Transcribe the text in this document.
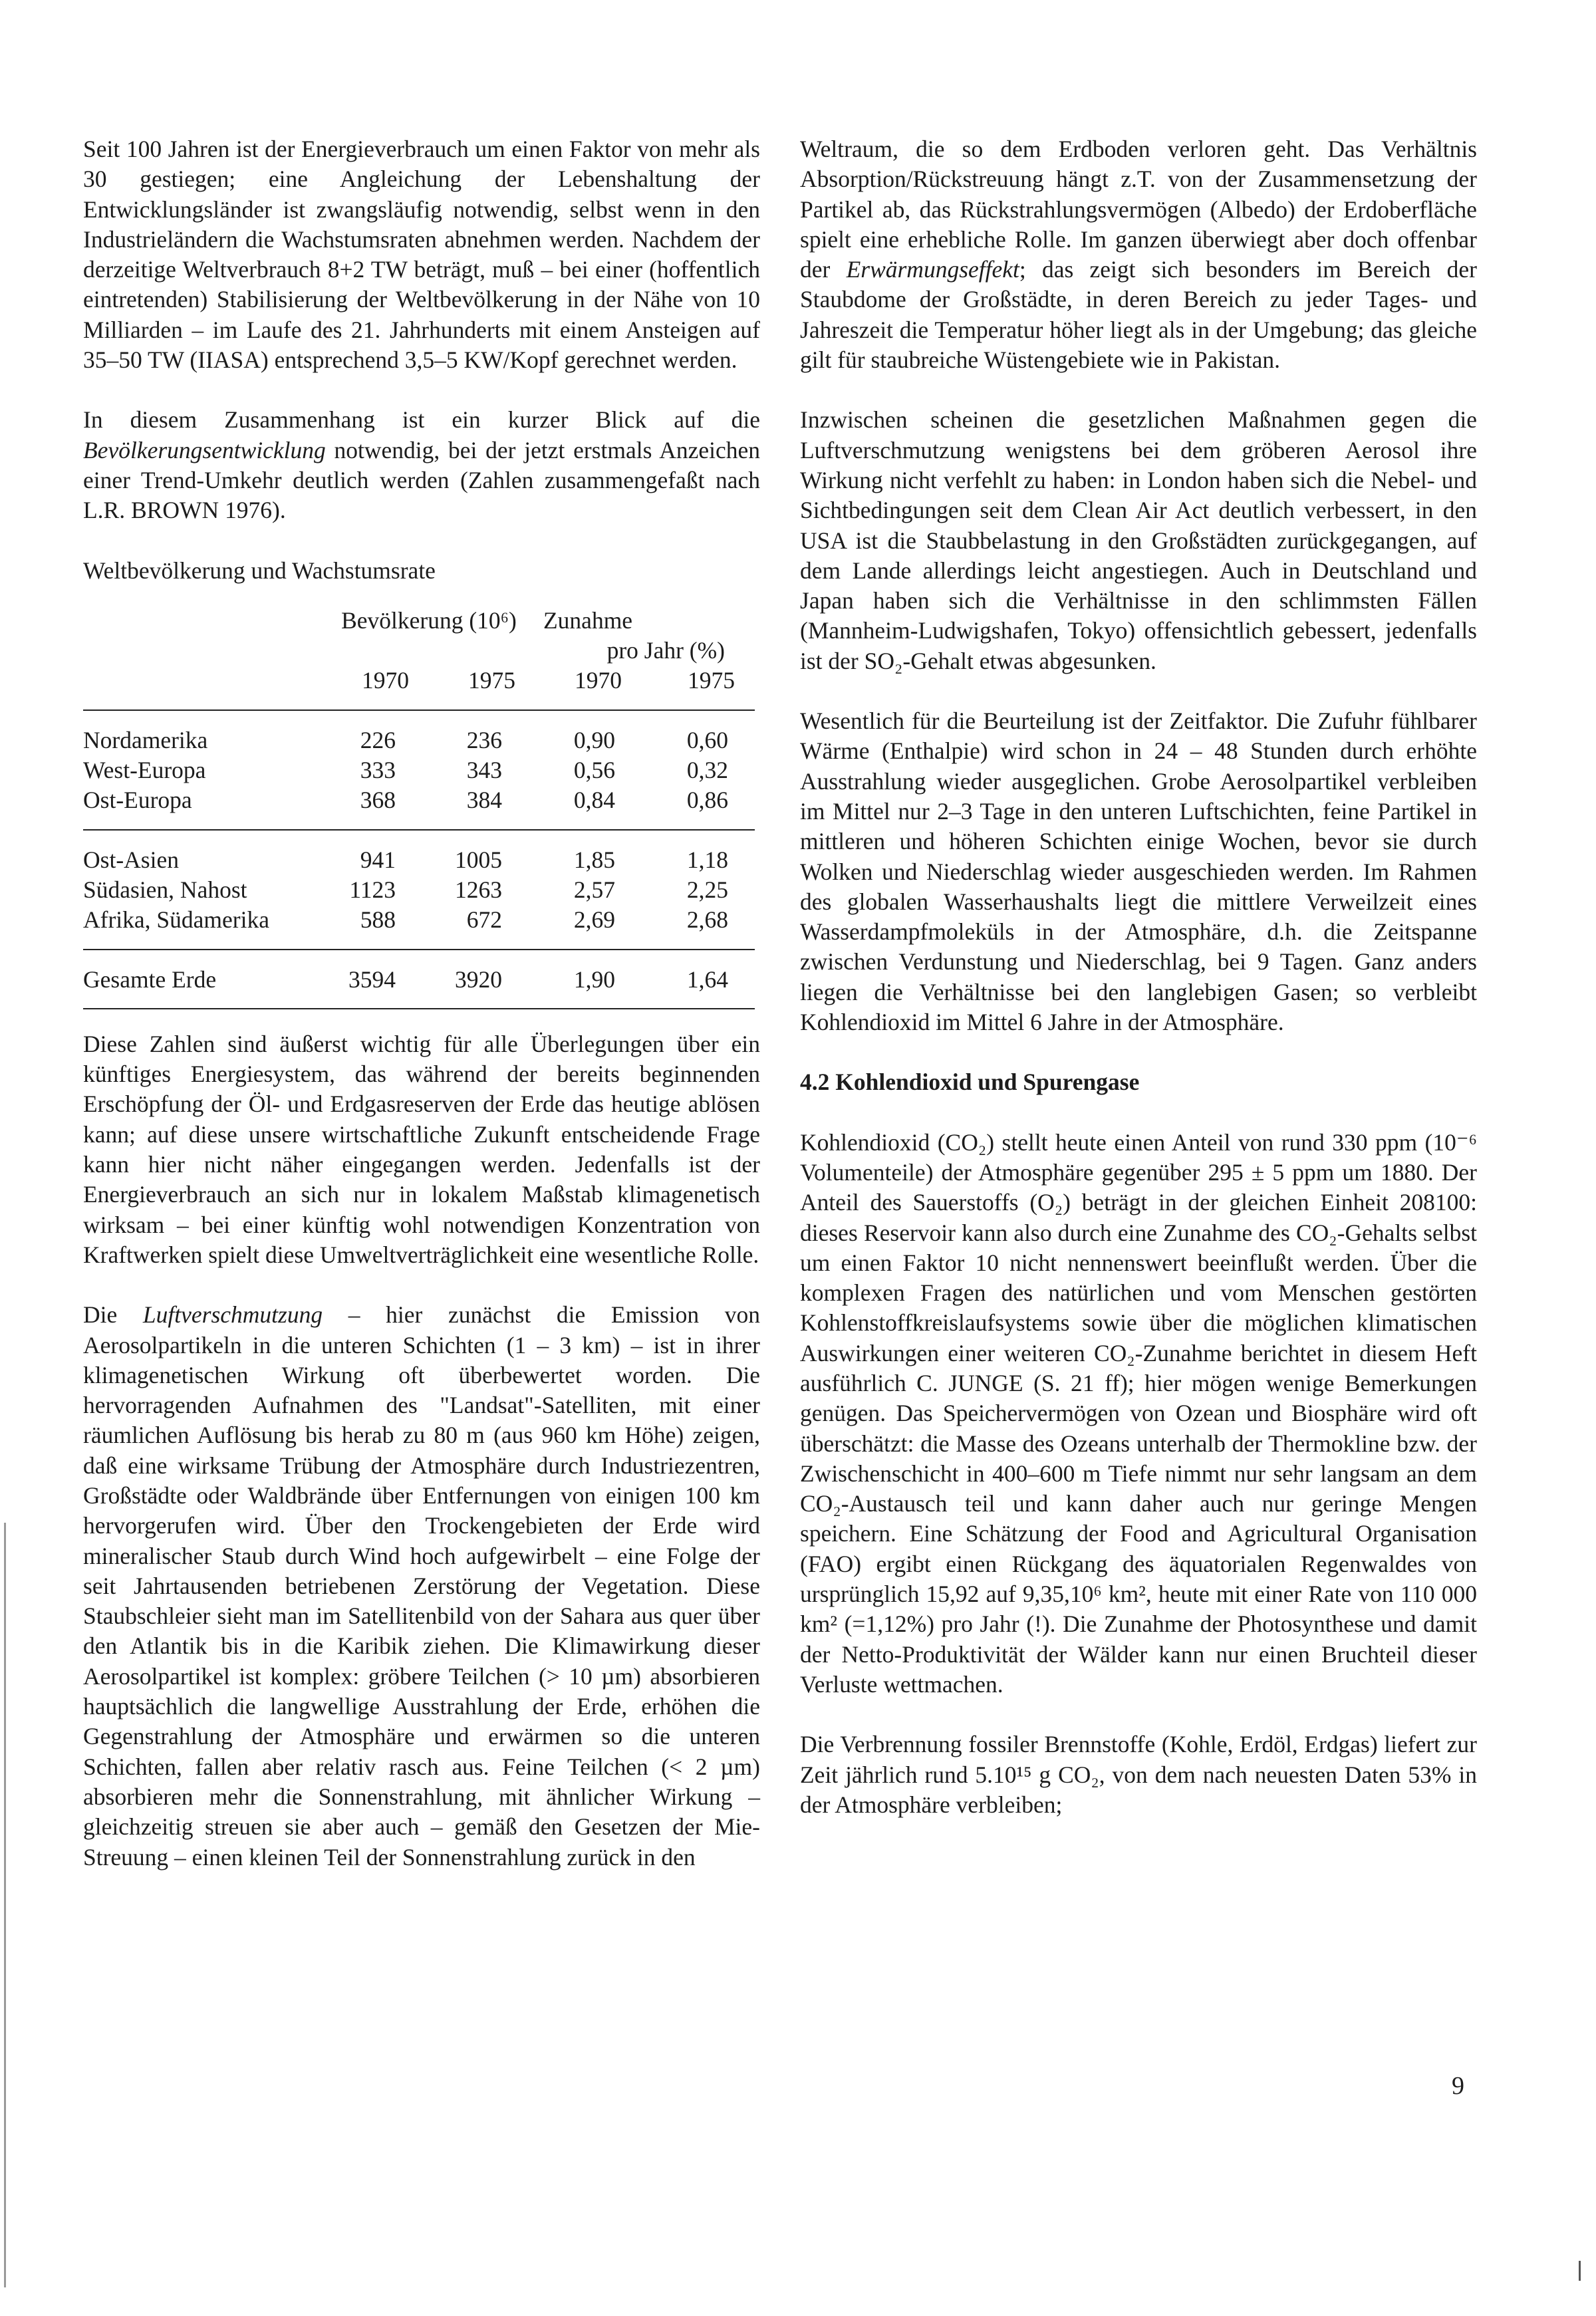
Seit 100 Jahren ist der Energieverbrauch um einen Faktor von mehr als 30 gestiegen; eine Angleichung der Lebenshaltung der Entwicklungsländer ist zwangsläufig notwendig, selbst wenn in den Industrieländern die Wachstumsraten abnehmen werden. Nachdem der derzeitige Weltverbrauch 8+2 TW beträgt, muß – bei einer (hoffentlich eintretenden) Stabilisierung der Weltbevölkerung in der Nähe von 10 Milliarden – im Laufe des 21. Jahrhunderts mit einem Ansteigen auf 35–50 TW (IIASA) entsprechend 3,5–5 KW/Kopf gerechnet werden.

In diesem Zusammenhang ist ein kurzer Blick auf die Bevölkerungsentwicklung notwendig, bei der jetzt erstmals Anzeichen einer Trend-Umkehr deutlich werden (Zahlen zusammengefaßt nach L.R. BROWN 1976).

Weltbevölkerung und Wachstumsrate

	Bevölkerung (10⁶)		Zunahme	
			pro Jahr (%)	
	1970	1975	1970	1975

Nordamerika	226	236	0,90	0,60
West-Europa	333	343	0,56	0,32
Ost-Europa	368	384	0,84	0,86

Ost-Asien	941	1005	1,85	1,18
Südasien, Nahost	1123	1263	2,57	2,25
Afrika, Südamerika	588	672	2,69	2,68

Gesamte Erde	3594	3920	1,90	1,64

Diese Zahlen sind äußerst wichtig für alle Überlegungen über ein künftiges Energiesystem, das während der bereits beginnenden Erschöpfung der Öl- und Erdgasreserven der Erde das heutige ablösen kann; auf diese unsere wirtschaftliche Zukunft entscheidende Frage kann hier nicht näher eingegangen werden. Jedenfalls ist der Energieverbrauch an sich nur in lokalem Maßstab klimagenetisch wirksam – bei einer künftig wohl notwendigen Konzentration von Kraftwerken spielt diese Umweltverträglichkeit eine wesentliche Rolle.

Die Luftverschmutzung – hier zunächst die Emission von Aerosolpartikeln in die unteren Schichten (1 – 3 km) – ist in ihrer klimagenetischen Wirkung oft überbewertet worden. Die hervorragenden Aufnahmen des "Landsat"-Satelliten, mit einer räumlichen Auflösung bis herab zu 80 m (aus 960 km Höhe) zeigen, daß eine wirksame Trübung der Atmosphäre durch Industriezentren, Großstädte oder Waldbrände über Entfernungen von einigen 100 km hervorgerufen wird. Über den Trockengebieten der Erde wird mineralischer Staub durch Wind hoch aufgewirbelt – eine Folge der seit Jahrtausenden betriebenen Zerstörung der Vegetation. Diese Staubschleier sieht man im Satellitenbild von der Sahara aus quer über den Atlantik bis in die Karibik ziehen. Die Klimawirkung dieser Aerosolpartikel ist komplex: gröbere Teilchen (> 10 µm) absorbieren hauptsächlich die langwellige Ausstrahlung der Erde, erhöhen die Gegenstrahlung der Atmosphäre und erwärmen so die unteren Schichten, fallen aber relativ rasch aus. Feine Teilchen (< 2 µm) absorbieren mehr die Sonnenstrahlung, mit ähnlicher Wirkung – gleichzeitig streuen sie aber auch – gemäß den Gesetzen der Mie-Streuung – einen kleinen Teil der Sonnenstrahlung zurück in den

Weltraum, die so dem Erdboden verloren geht. Das Verhältnis Absorption/Rückstreuung hängt z.T. von der Zusammensetzung der Partikel ab, das Rückstrahlungsvermögen (Albedo) der Erdoberfläche spielt eine erhebliche Rolle. Im ganzen überwiegt aber doch offenbar der Erwärmungseffekt; das zeigt sich besonders im Bereich der Staubdome der Großstädte, in deren Bereich zu jeder Tages- und Jahreszeit die Temperatur höher liegt als in der Umgebung; das gleiche gilt für staubreiche Wüstengebiete wie in Pakistan.

Inzwischen scheinen die gesetzlichen Maßnahmen gegen die Luftverschmutzung wenigstens bei dem gröberen Aerosol ihre Wirkung nicht verfehlt zu haben: in London haben sich die Nebel- und Sichtbedingungen seit dem Clean Air Act deutlich verbessert, in den USA ist die Staubbelastung in den Großstädten zurückgegangen, auf dem Lande allerdings leicht angestiegen. Auch in Deutschland und Japan haben sich die Verhältnisse in den schlimmsten Fällen (Mannheim-Ludwigshafen, Tokyo) offensichtlich gebessert, jedenfalls ist der SO₂-Gehalt etwas abgesunken.

Wesentlich für die Beurteilung ist der Zeitfaktor. Die Zufuhr fühlbarer Wärme (Enthalpie) wird schon in 24 – 48 Stunden durch erhöhte Ausstrahlung wieder ausgeglichen. Grobe Aerosolpartikel verbleiben im Mittel nur 2–3 Tage in den unteren Luftschichten, feine Partikel in mittleren und höheren Schichten einige Wochen, bevor sie durch Wolken und Niederschlag wieder ausgeschieden werden. Im Rahmen des globalen Wasserhaushalts liegt die mittlere Verweilzeit eines Wasserdampfmoleküls in der Atmosphäre, d.h. die Zeitspanne zwischen Verdunstung und Niederschlag, bei 9 Tagen. Ganz anders liegen die Verhältnisse bei den langlebigen Gasen; so verbleibt Kohlendioxid im Mittel 6 Jahre in der Atmosphäre.

4.2 Kohlendioxid und Spurengase

Kohlendioxid (CO₂) stellt heute einen Anteil von rund 330 ppm (10⁻⁶ Volumenteile) der Atmosphäre gegenüber 295 ± 5 ppm um 1880. Der Anteil des Sauerstoffs (O₂) beträgt in der gleichen Einheit 208100: dieses Reservoir kann also durch eine Zunahme des CO₂-Gehalts selbst um einen Faktor 10 nicht nennenswert beeinflußt werden. Über die komplexen Fragen des natürlichen und vom Menschen gestörten Kohlenstoffkreislaufsystems sowie über die möglichen klimatischen Auswirkungen einer weiteren CO₂-Zunahme berichtet in diesem Heft ausführlich C. JUNGE (S. 21 ff); hier mögen wenige Bemerkungen genügen. Das Speichervermögen von Ozean und Biosphäre wird oft überschätzt: die Masse des Ozeans unterhalb der Thermokline bzw. der Zwischenschicht in 400–600 m Tiefe nimmt nur sehr langsam an dem CO₂-Austausch teil und kann daher auch nur geringe Mengen speichern. Eine Schätzung der Food and Agricultural Organisation (FAO) ergibt einen Rückgang des äquatorialen Regenwaldes von ursprünglich 15,92 auf 9,35,10⁶ km², heute mit einer Rate von 110 000 km² (=1,12%) pro Jahr (!). Die Zunahme der Photosynthese und damit der Netto-Produktivität der Wälder kann nur einen Bruchteil dieser Verluste wettmachen.

Die Verbrennung fossiler Brennstoffe (Kohle, Erdöl, Erdgas) liefert zur Zeit jährlich rund 5.10¹⁵ g CO₂, von dem nach neuesten Daten 53% in der Atmosphäre verbleiben;

9
